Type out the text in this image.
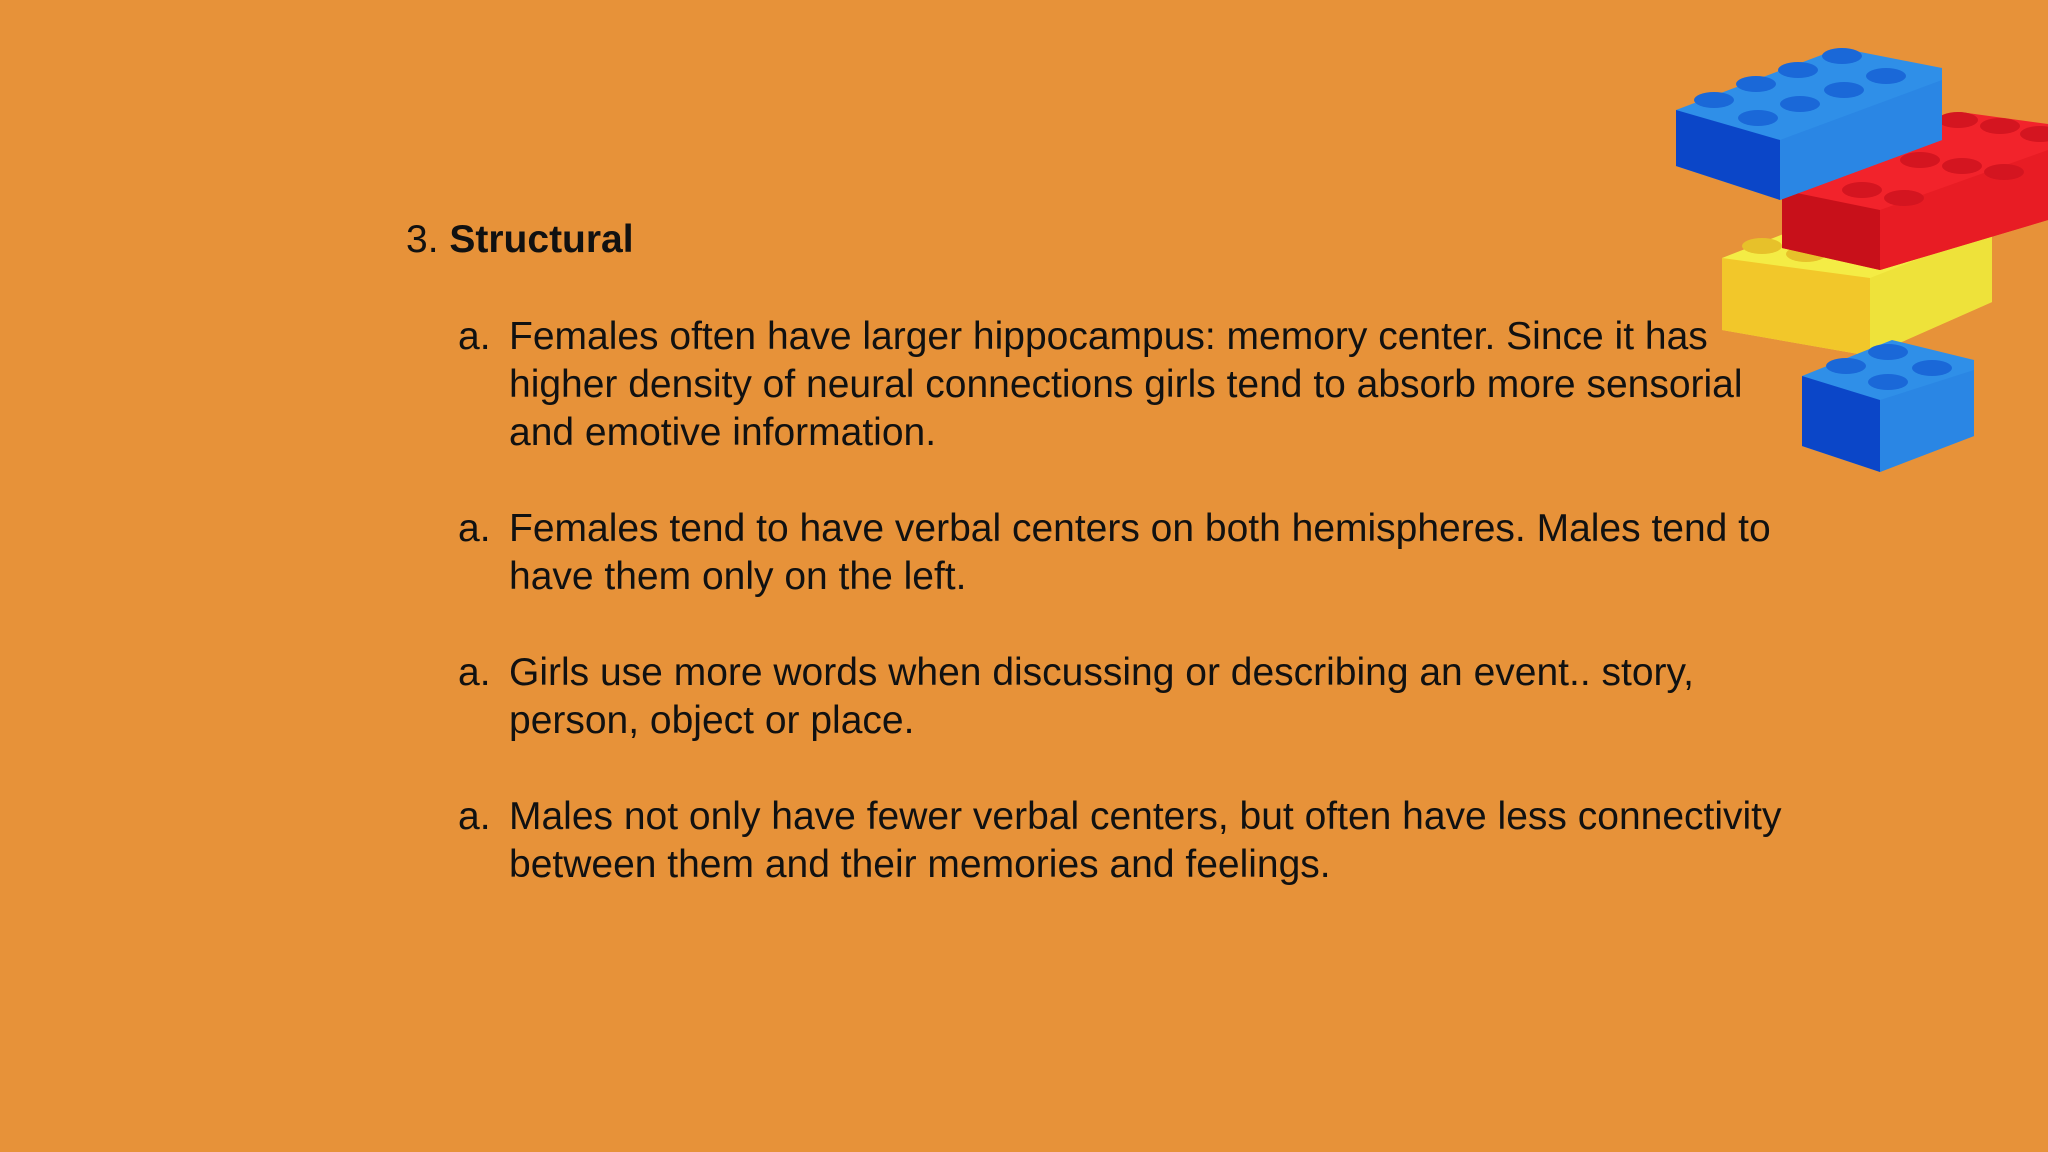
3. Structural
a. Females often have larger hippocampus: memory center. Since it has higher density of neural connections girls tend to absorb more sensorial and emotive information.
a. Females tend to have verbal centers on both hemispheres. Males tend to have them only on the left.
a. Girls use more words when discussing or describing an event.. story, person, object or place.
a. Males not only have fewer verbal centers, but often have less connectivity between them and their memories and feelings.
